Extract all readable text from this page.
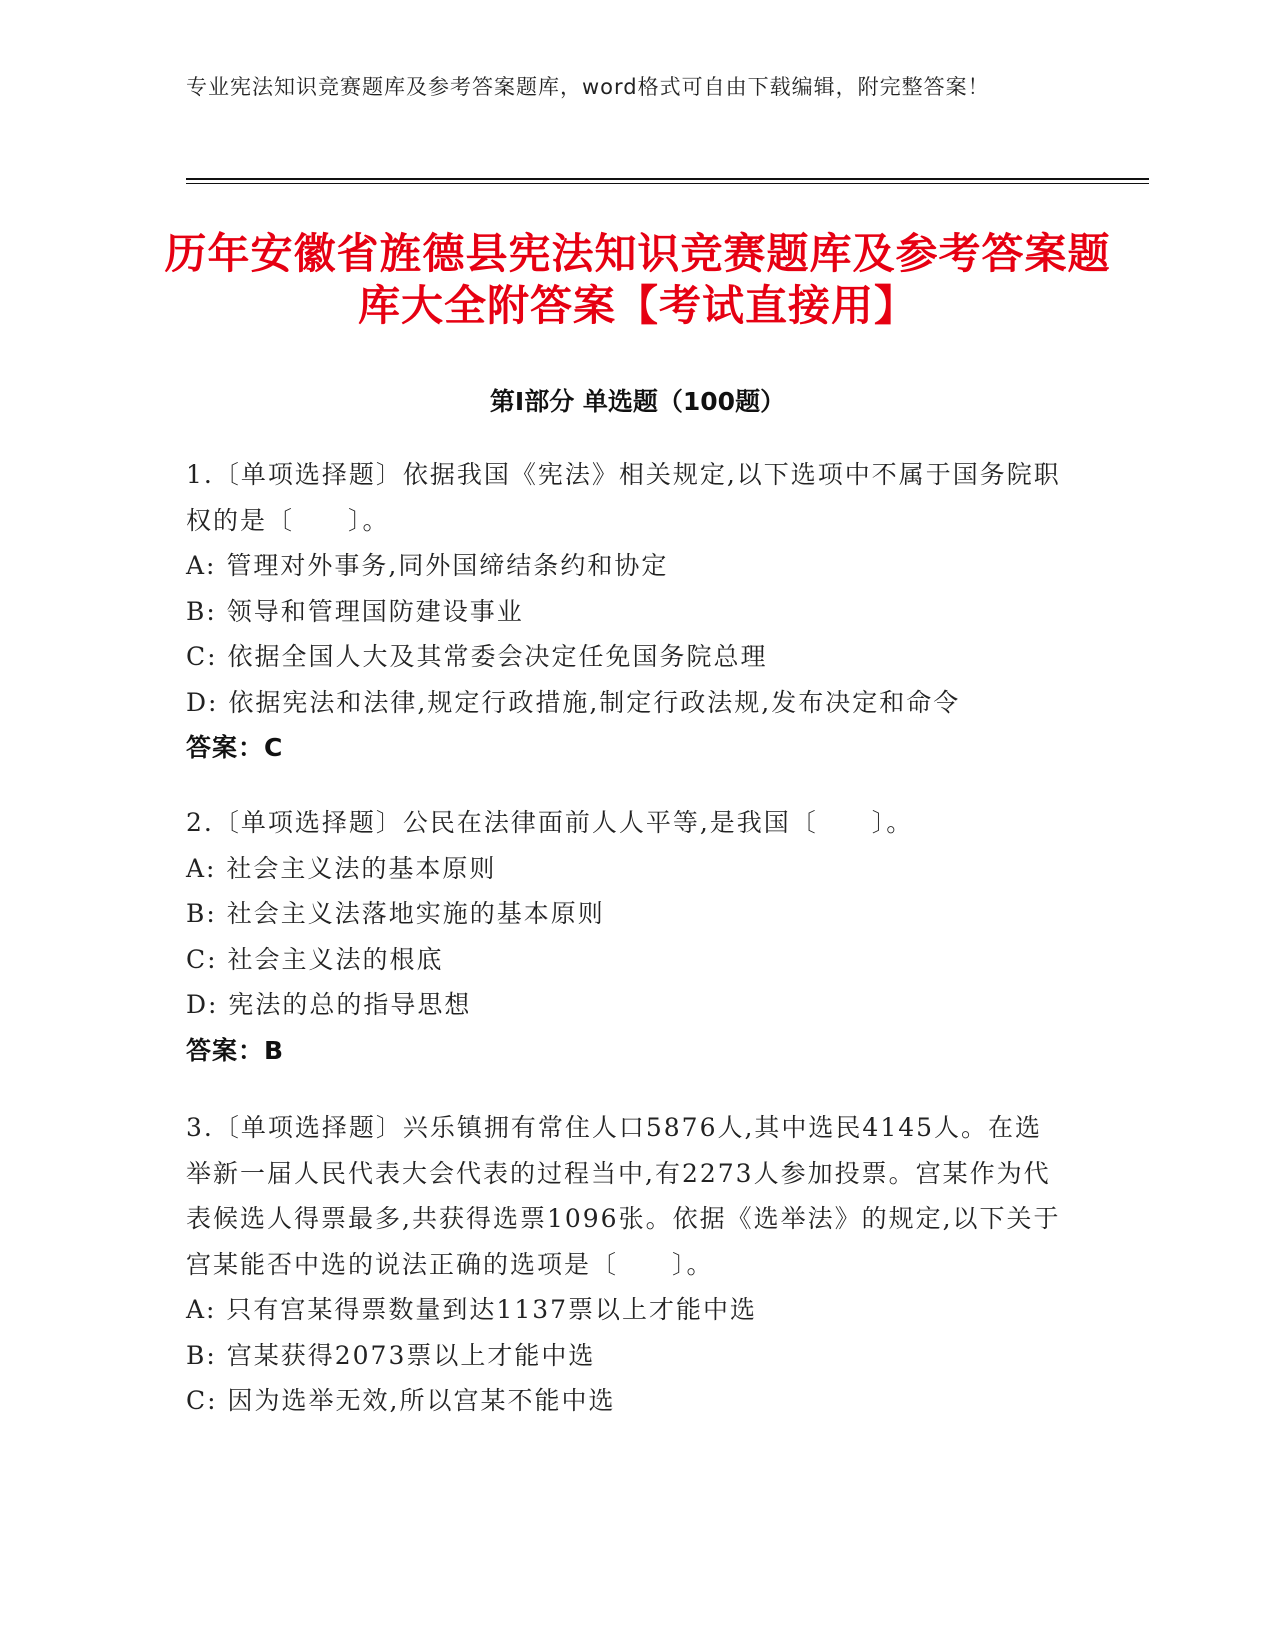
专业宪法知识竞赛题库及参考答案题库，word格式可自由下载编辑，附完整答案！
历年安徽省旌德县宪法知识竞赛题库及参考答案题库大全附答案【考试直接用】
第I部分 单选题（100题）

1.〔单项选择题〕依据我国《宪法》相关规定,以下选项中不属于国务院职权的是〔　　〕。

A: 管理对外事务,同外国缔结条约和协定

B: 领导和管理国防建设事业

C: 依据全国人大及其常委会决定任免国务院总理

D: 依据宪法和法律,规定行政措施,制定行政法规,发布决定和命令

答案：C

2.〔单项选择题〕公民在法律面前人人平等,是我国〔　　〕。

A: 社会主义法的基本原则

B: 社会主义法落地实施的基本原则

C: 社会主义法的根底

D: 宪法的总的指导思想

答案：B

3.〔单项选择题〕兴乐镇拥有常住人口5876人,其中选民4145人。在选举新一届人民代表大会代表的过程当中,有2273人参加投票。宫某作为代表候选人得票最多,共获得选票1096张。依据《选举法》的规定,以下关于宫某能否中选的说法正确的选项是〔　　〕。

A: 只有宫某得票数量到达1137票以上才能中选

B: 宫某获得2073票以上才能中选

C: 因为选举无效,所以宫某不能中选
